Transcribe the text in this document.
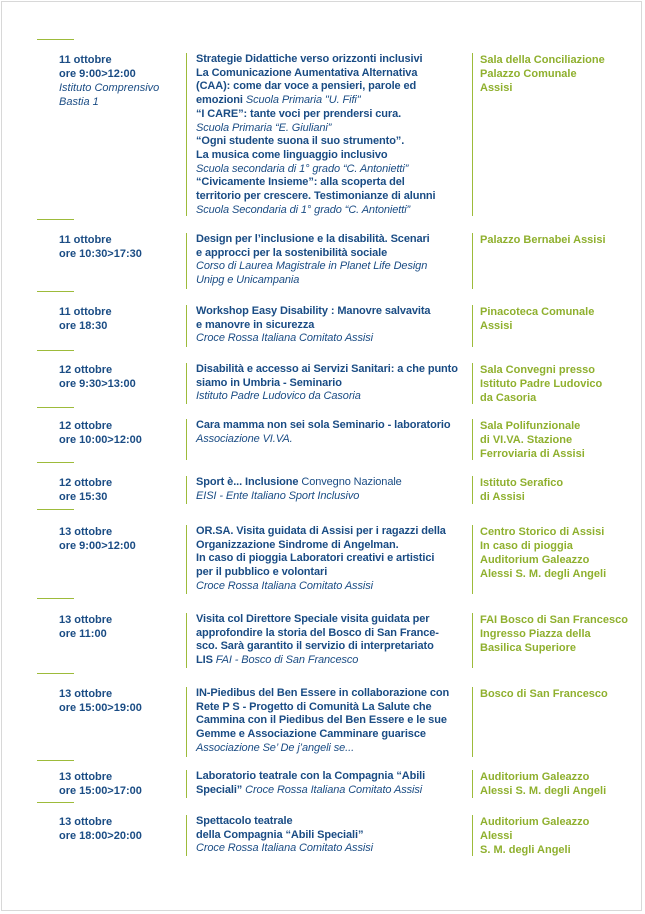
11 ottobre
ore 9:00>12:00
Istituto Comprensivo
Bastia 1
Strategie Didattiche verso orizzonti inclusivi
La Comunicazione Aumentativa Alternativa
(CAA): come dar voce a pensieri, parole ed
emozioni Scuola Primaria "U. Fifi"
“I CARE”: tante voci per prendersi cura.
Scuola Primaria “E. Giuliani”
“Ogni studente suona il suo strumento”.
La musica come linguaggio inclusivo
Scuola secondaria di 1° grado “C. Antonietti”
“Civicamente Insieme”: alla scoperta del
territorio per crescere. Testimonianze di alunni
Scuola Secondaria di 1° grado “C. Antonietti”
Sala della Conciliazione
Palazzo Comunale
Assisi
11 ottobre
ore 10:30>17:30
Design per l’inclusione e la disabilità. Scenari
e approcci per la sostenibilità sociale
Corso di Laurea Magistrale in Planet Life Design
Unipg e Unicampania
Palazzo Bernabei Assisi
11 ottobre
ore 18:30
Workshop Easy Disability : Manovre salvavita
e manovre in sicurezza
Croce Rossa Italiana Comitato Assisi
Pinacoteca Comunale
Assisi
12 ottobre
ore 9:30>13:00
Disabilità e accesso ai Servizi Sanitari: a che punto
siamo in Umbria - Seminario
Istituto Padre Ludovico da Casoria
Sala Convegni presso
Istituto Padre Ludovico
da Casoria
12 ottobre
ore 10:00>12:00
Cara mamma non sei sola Seminario - laboratorio
Associazione VI.VA.
Sala Polifunzionale
di VI.VA. Stazione
Ferroviaria di Assisi
12 ottobre
ore 15:30
Sport è... Inclusione Convegno Nazionale
EISI - Ente Italiano Sport Inclusivo
Istituto Serafico
di Assisi
13 ottobre
ore 9:00>12:00
OR.SA. Visita guidata di Assisi per i ragazzi della
Organizzazione Sindrome di Angelman.
In caso di pioggia Laboratori creativi e artistici
per il pubblico e volontari
Croce Rossa Italiana Comitato Assisi
Centro Storico di Assisi
In caso di pioggia
Auditorium Galeazzo
Alessi S. M. degli Angeli
13 ottobre
ore 11:00
Visita col Direttore Speciale visita guidata per
approfondire la storia del Bosco di San France-
sco. Sarà garantito il servizio di interpretariato
LIS FAI - Bosco di San Francesco
FAI Bosco di San Francesco
Ingresso Piazza della
Basilica Superiore
13 ottobre
ore 15:00>19:00
IN-Piedibus del Ben Essere in collaborazione con
Rete P S - Progetto di Comunità La Salute che
Cammina con il Piedibus del Ben Essere e le sue
Gemme e Associazione Camminare guarisce
Associazione Se’ De j’angeli se...
Bosco di San Francesco
13 ottobre
ore 15:00>17:00
Laboratorio teatrale con la Compagnia “Abili
Speciali” Croce Rossa Italiana Comitato Assisi
Auditorium Galeazzo
Alessi S. M. degli Angeli
13 ottobre
ore 18:00>20:00
Spettacolo teatrale
della Compagnia “Abili Speciali”
Croce Rossa Italiana Comitato Assisi
Auditorium Galeazzo
Alessi
S. M. degli Angeli
